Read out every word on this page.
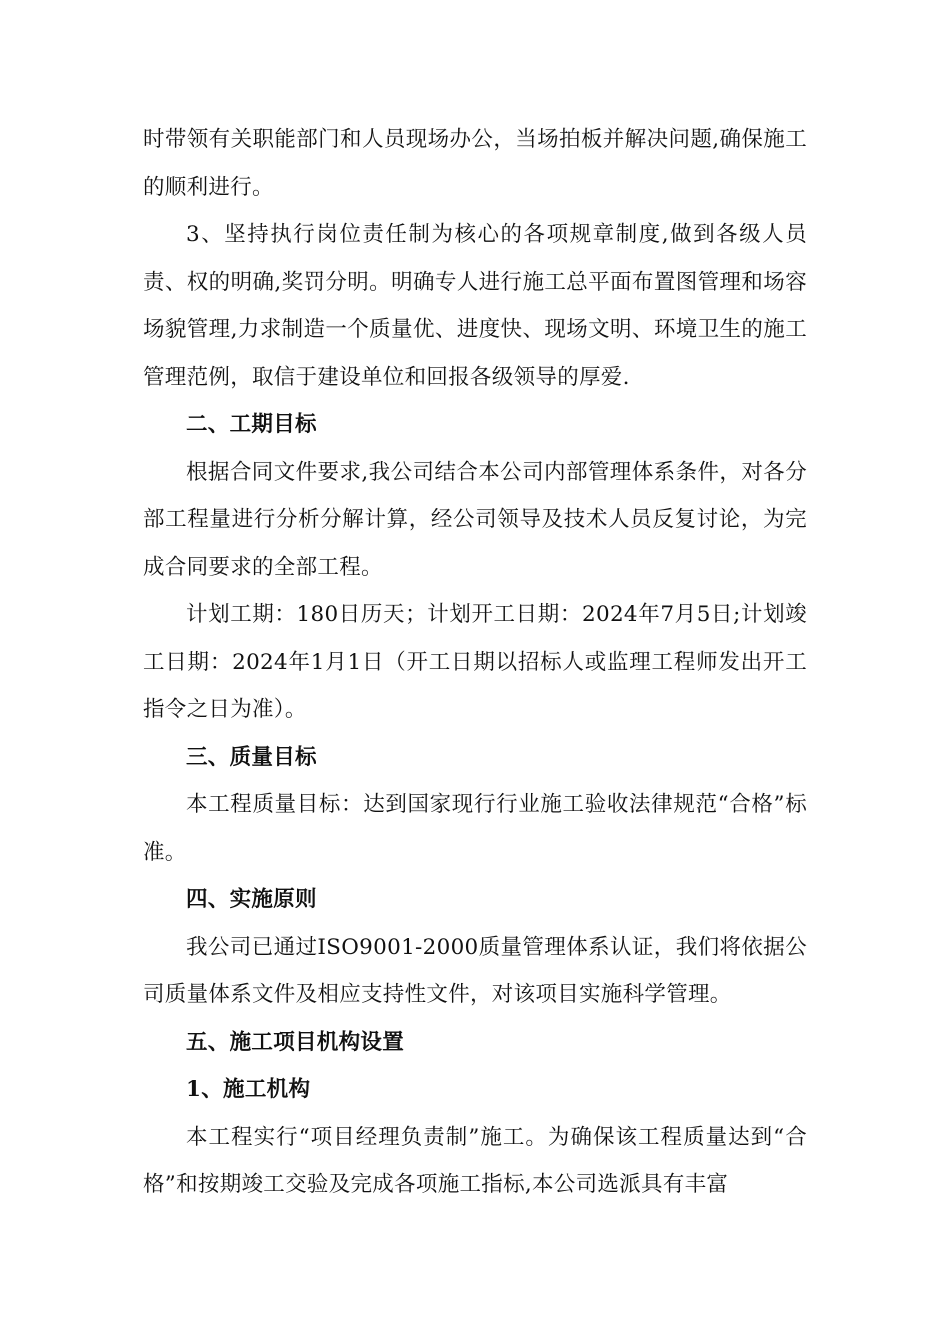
时带领有关职能部门和人员现场办公，当场拍板并解决问题,确保施工的顺利进行。

3、坚持执行岗位责任制为核心的各项规章制度,做到各级人员责、权的明确,奖罚分明。明确专人进行施工总平面布置图管理和场容场貌管理,力求制造一个质量优、进度快、现场文明、环境卫生的施工管理范例，取信于建设单位和回报各级领导的厚爱.

二、工期目标

根据合同文件要求,我公司结合本公司内部管理体系条件，对各分部工程量进行分析分解计算，经公司领导及技术人员反复讨论，为完成合同要求的全部工程。

计划工期：180日历天；计划开工日期：2024年7月5日;计划竣工日期：2024年1月1日（开工日期以招标人或监理工程师发出开工指令之日为准）。

三、质量目标

本工程质量目标：达到国家现行行业施工验收法律规范“合格”标准。

四、实施原则

我公司已通过ISO9001-2000质量管理体系认证，我们将依据公司质量体系文件及相应支持性文件，对该项目实施科学管理。

五、施工项目机构设置

1、施工机构

本工程实行“项目经理负责制”施工。为确保该工程质量达到“合格”和按期竣工交验及完成各项施工指标,本公司选派具有丰富
